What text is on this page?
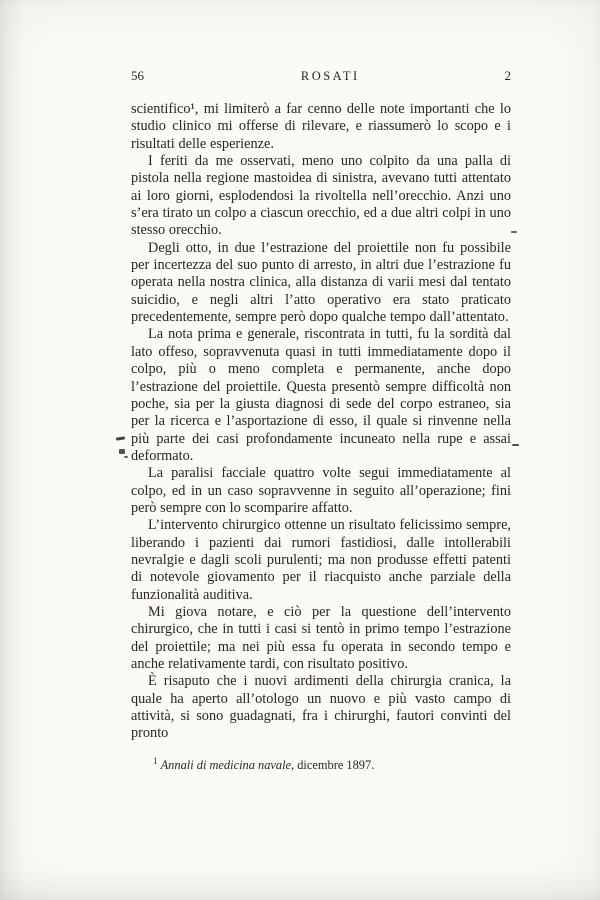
56	ROSATI	2

scientifico¹, mi limiterò a far cenno delle note importanti che lo studio clinico mi offerse di rilevare, e riassumerò lo scopo e i risultati delle esperienze.

I feriti da me osservati, meno uno colpito da una palla di pistola nella regione mastoidea di sinistra, avevano tutti attentato ai loro giorni, esplodendosi la rivoltella nell’orecchio. Anzi uno s’era tirato un colpo a ciascun orecchio, ed a due altri colpi in uno stesso orecchio.

Degli otto, in due l’estrazione del proiettile non fu possibile per incertezza del suo punto di arresto, in altri due l’estrazione fu operata nella nostra clinica, alla distanza di varii mesi dal tentato suicidio, e negli altri l’atto operativo era stato praticato precedentemente, sempre però dopo qualche tempo dall’attentato.

La nota prima e generale, riscontrata in tutti, fu la sordità dal lato offeso, sopravvenuta quasi in tutti immediatamente dopo il colpo, più o meno completa e permanente, anche dopo l’estrazione del proiettile. Questa presentò sempre difficoltà non poche, sia per la giusta diagnosi di sede del corpo estraneo, sia per la ricerca e l’asportazione di esso, il quale si rinvenne nella più parte dei casi profondamente incuneato nella rupe e assai deformato.

La paralisi facciale quattro volte segui immediatamente al colpo, ed in un caso sopravvenne in seguito all’operazione; fini però sempre con lo scomparire affatto.

L’intervento chirurgico ottenne un risultato felicissimo sempre, liberando i pazienti dai rumori fastidiosi, dalle intollerabili nevralgie e dagli scoli purulenti; ma non produsse effetti patenti di notevole giovamento per il riacquisto anche parziale della funzionalità auditiva.

Mi giova notare, e ciò per la questione dell’intervento chirurgico, che in tutti i casi si tentò in primo tempo l’estrazione del proiettile; ma nei più essa fu operata in secondo tempo e anche relativamente tardi, con risultato positivo.

È risaputo che i nuovi ardimenti della chirurgia cranica, la quale ha aperto all’otologo un nuovo e più vasto campo di attività, si sono guadagnati, fra i chirurghi, fautori convinti del pronto

$^1$ Annali di medicina navale, dicembre 1897.
